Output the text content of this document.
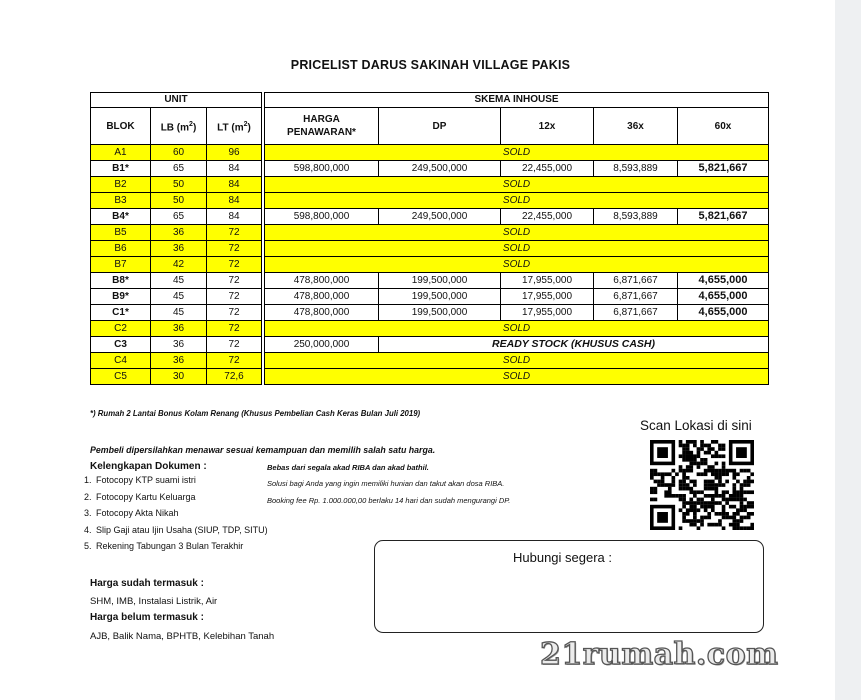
PRICELIST DARUS SAKINAH VILLAGE PAKIS
UNIT				SKEMA INHOUSE				
BLOK	LB $(m^2)$	LT $(m^2)$		HARGA PENAWARAN*	DP	12x	36x	60x
A1	60	96		SOLD				
B1*	65	84		598,800,000	249,500,000	22,455,000	8,593,889	5,821,667
B2	50	84		SOLD				
B3	50	84		SOLD				
B4*	65	84		598,800,000	249,500,000	22,455,000	8,593,889	5,821,667
B5	36	72		SOLD				
B6	36	72		SOLD				
B7	42	72		SOLD				
B8*	45	72		478,800,000	199,500,000	17,955,000	6,871,667	4,655,000
B9*	45	72		478,800,000	199,500,000	17,955,000	6,871,667	4,655,000
C1*	45	72		478,800,000	199,500,000	17,955,000	6,871,667	4,655,000
C2	36	72		SOLD				
C3	36	72		250,000,000	READY STOCK (KHUSUS CASH)			
C4	36	72		SOLD				
C5	30	72,6		SOLD				
*) Rumah 2 Lantai Bonus Kolam Renang (Khusus Pembelian Cash Keras Bulan Juli 2019)
Pembeli dipersilahkan menawar sesuai kemampuan dan memilih salah satu harga.
Kelengkapan Dokumen :
1. Fotocopy KTP suami istri
2. Fotocopy Kartu Keluarga
3. Fotocopy Akta Nikah
4. Slip Gaji atau Ijin Usaha (SIUP, TDP, SITU)
5. Rekening Tabungan 3 Bulan Terakhir
Bebas dari segala akad RIBA dan akad bathil.
Solusi bagi Anda yang ingin memiliki hunian dan takut akan dosa RIBA.
Booking fee Rp. 1.000.000,00 berlaku 14 hari dan sudah mengurangi DP.
Harga sudah termasuk :
SHM, IMB, Instalasi Listrik, Air
Harga belum termasuk :
AJB, Balik Nama, BPHTB, Kelebihan Tanah
Scan Lokasi di sini
Hubungi segera :
21rumah.com
